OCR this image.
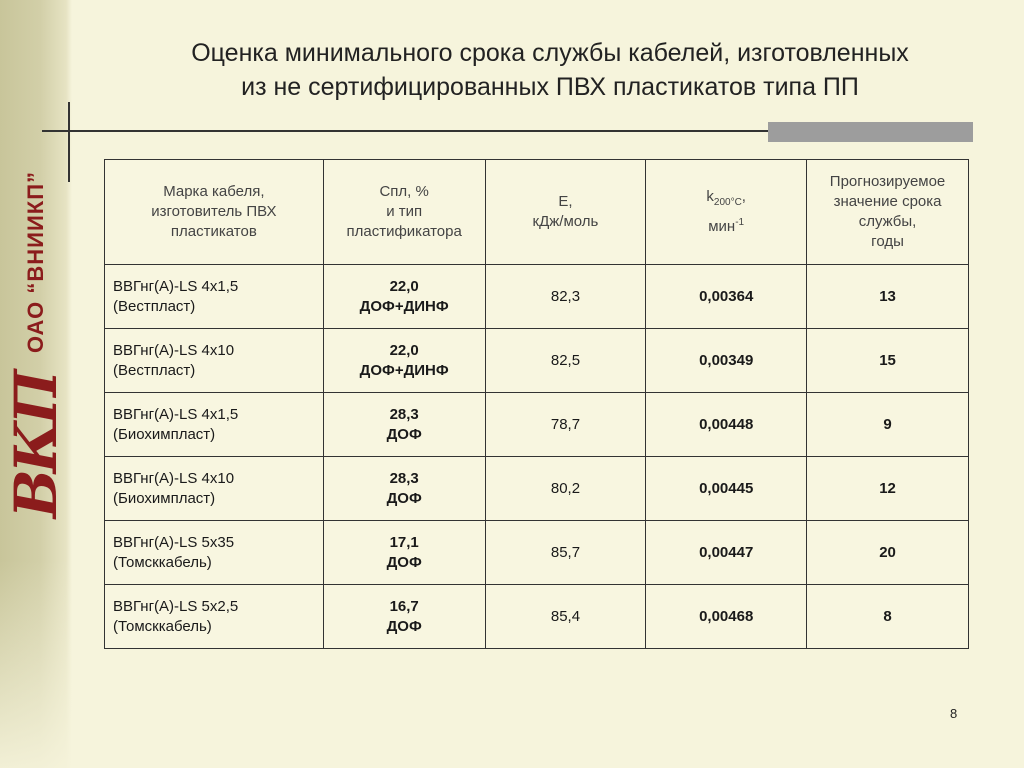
ОАО “ВНИИКП”
ВКП
Оценка минимального срока службы кабелей, изготовленных
из не сертифицированных ПВХ пластикатов типа ПП
Марка кабеля,
изготовитель ПВХ
пластикатов	Спл, %
и тип
пластификатора	Е,
кДж/моль	$k_{200^\circ С}$,
мин$^{-1}$	Прогнозируемое
значение срока
службы,
годы

ВВГнг(А)-LS 4х1,5
(Вестпласт)	22,0
ДОФ+ДИНФ	82,3	0,00364	13

ВВГнг(А)-LS 4х10
(Вестпласт)	22,0
ДОФ+ДИНФ	82,5	0,00349	15

ВВГнг(А)-LS 4х1,5
(Биохимпласт)	28,3
ДОФ	78,7	0,00448	9

ВВГнг(А)-LS 4х10
(Биохимпласт)	28,3
ДОФ	80,2	0,00445	12

ВВГнг(А)-LS 5х35
(Томсккабель)	17,1
ДОФ	85,7	0,00447	20

ВВГнг(А)-LS 5х2,5
(Томсккабель)	16,7
ДОФ	85,4	0,00468	8
8
